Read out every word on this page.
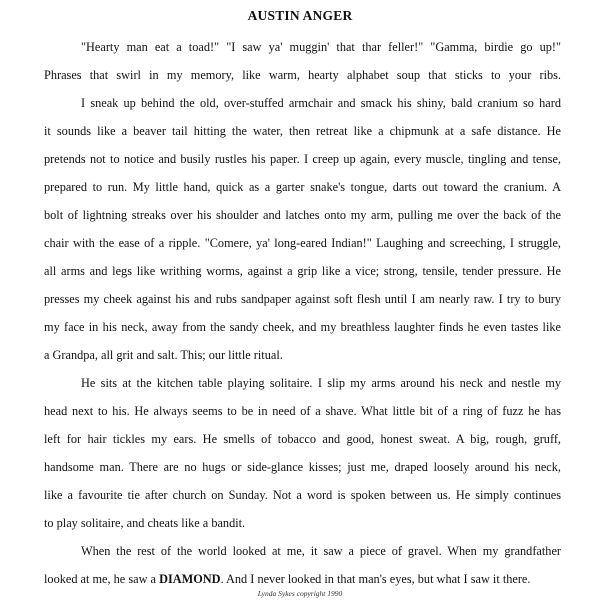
AUSTIN ANGER
"Hearty man eat a toad!" "I saw ya' muggin' that thar feller!" "Gamma, birdie go up!"
Phrases that swirl in my memory, like warm, hearty alphabet soup that sticks to your ribs.
I sneak up behind the old, over-stuffed armchair and smack his shiny, bald cranium so hard
it sounds like a beaver tail hitting the water, then retreat like a chipmunk at a safe distance. He
pretends not to notice and busily rustles his paper. I creep up again, every muscle, tingling and tense,
prepared to run. My little hand, quick as a garter snake's tongue, darts out toward the cranium. A
bolt of lightning streaks over his shoulder and latches onto my arm, pulling me over the back of the
chair with the ease of a ripple. "Comere, ya' long-eared Indian!" Laughing and screeching, I struggle,
all arms and legs like writhing worms, against a grip like a vice; strong, tensile, tender pressure. He
presses my cheek against his and rubs sandpaper against soft flesh until I am nearly raw. I try to bury
my face in his neck, away from the sandy cheek, and my breathless laughter finds he even tastes like
a Grandpa, all grit and salt. This; our little ritual.
He sits at the kitchen table playing solitaire. I slip my arms around his neck and nestle my
head next to his. He always seems to be in need of a shave. What little bit of a ring of fuzz he has
left for hair tickles my ears. He smells of tobacco and good, honest sweat. A big, rough, gruff,
handsome man. There are no hugs or side-glance kisses; just me, draped loosely around his neck,
like a favourite tie after church on Sunday. Not a word is spoken between us. He simply continues
to play solitaire, and cheats like a bandit.
When the rest of the world looked at me, it saw a piece of gravel. When my grandfather
looked at me, he saw a DIAMOND. And I never looked in that man's eyes, but what I saw it there.
Lynda Sykes copyright 1990
